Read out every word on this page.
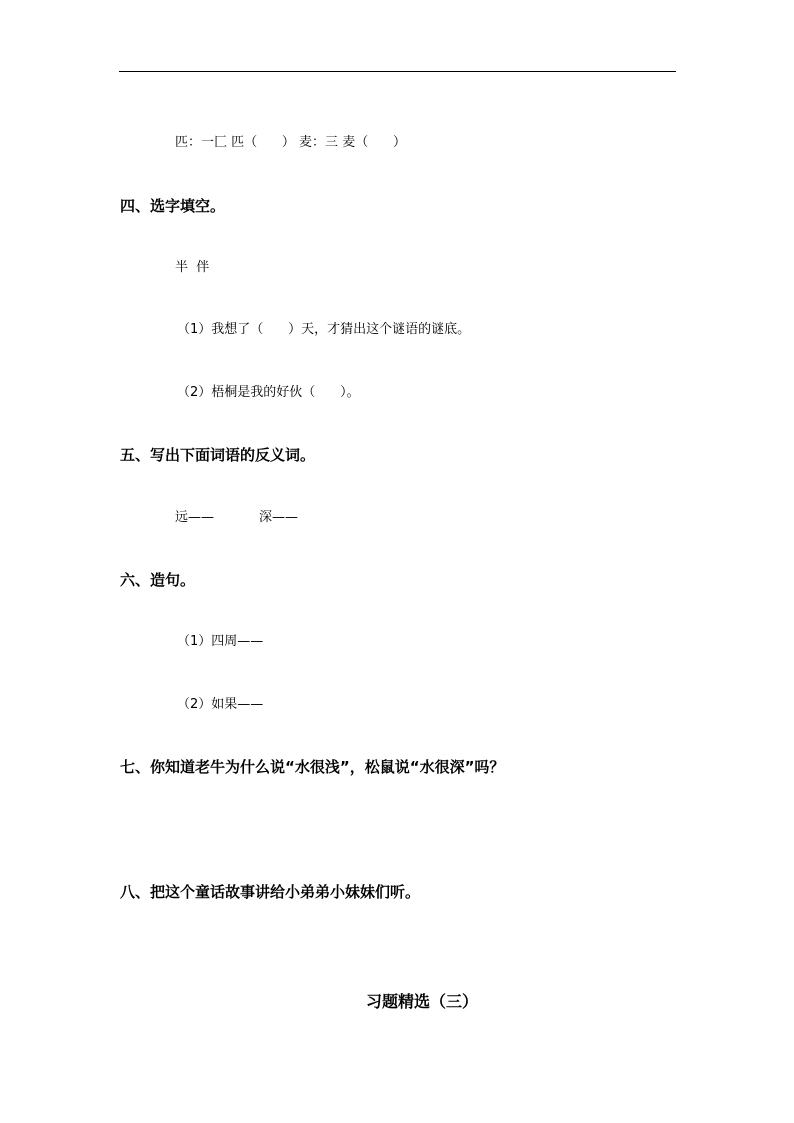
匹：一匚 匹（      ） 麦：三 麦（      ）
四、选字填空。
半  伴
（1）我想了（      ）天，才猜出这个谜语的谜底。
（2）梧桐是我的好伙（      ）。
五、写出下面词语的反义词。
远——	深——
六、造句。
（1）四周——
（2）如果——
七、你知道老牛为什么说“水很浅”，松鼠说“水很深”吗？
八、把这个童话故事讲给小弟弟小妹妹们听。
习题精选（三）
